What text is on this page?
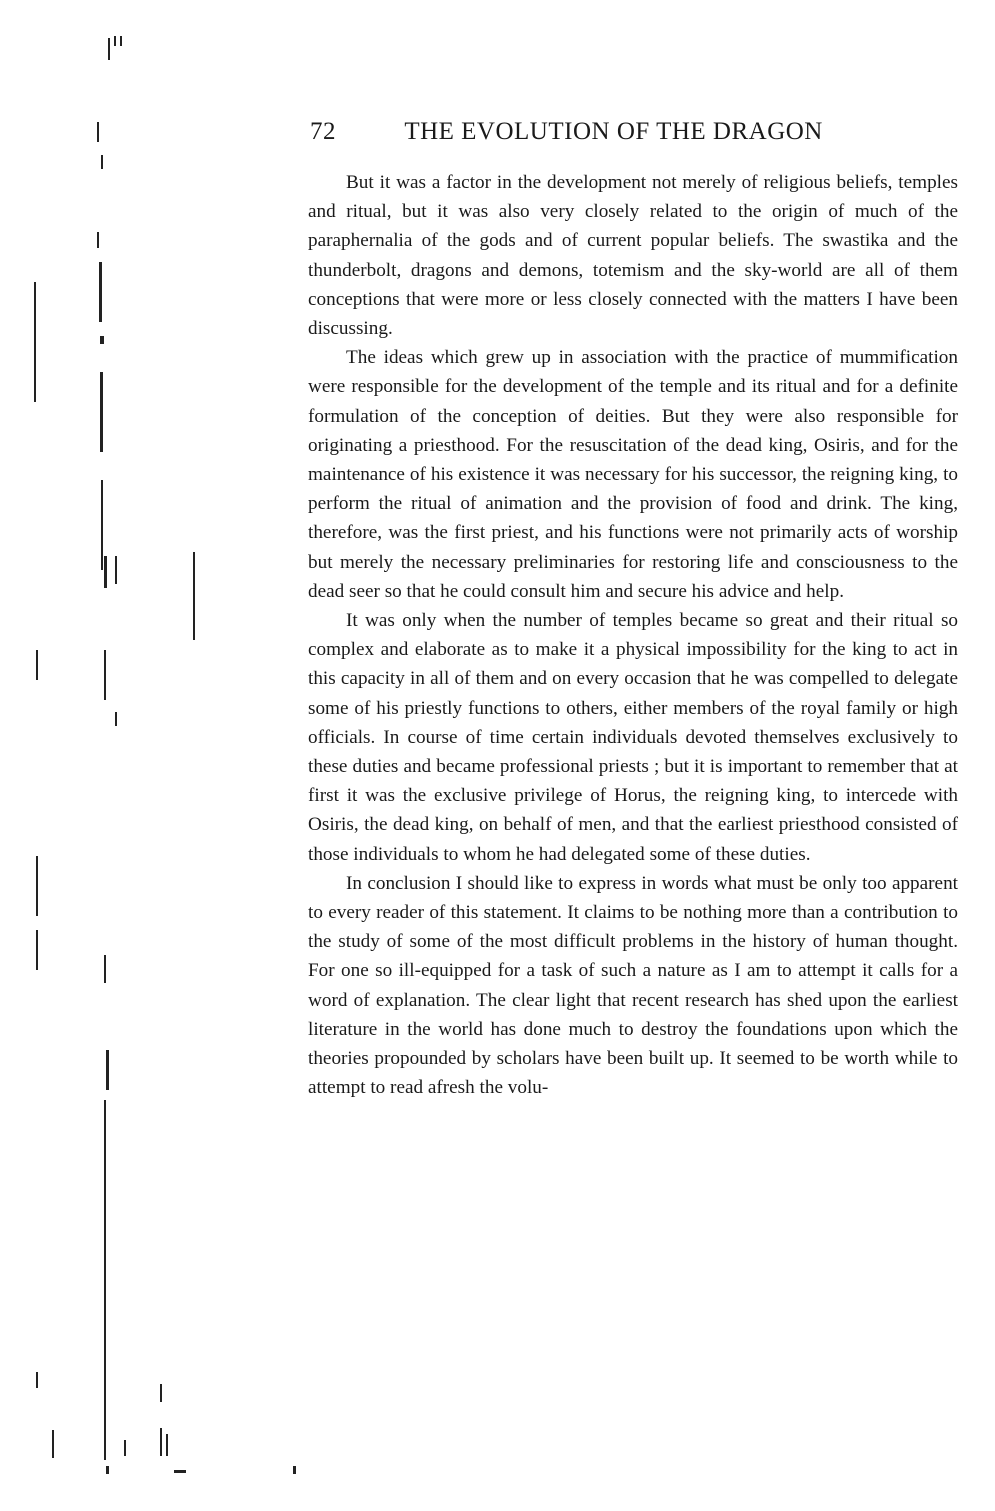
72	THE EVOLUTION OF THE DRAGON

But it was a factor in the development not merely of religious beliefs, temples and ritual, but it was also very closely related to the origin of much of the paraphernalia of the gods and of current popular beliefs. The swastika and the thunderbolt, dragons and demons, totemism and the sky-world are all of them conceptions that were more or less closely connected with the matters I have been discussing.

The ideas which grew up in association with the practice of mummification were responsible for the development of the temple and its ritual and for a definite formulation of the conception of deities. But they were also responsible for originating a priesthood. For the resuscitation of the dead king, Osiris, and for the maintenance of his existence it was necessary for his successor, the reigning king, to perform the ritual of animation and the provision of food and drink. The king, therefore, was the first priest, and his functions were not primarily acts of worship but merely the necessary preliminaries for restoring life and consciousness to the dead seer so that he could consult him and secure his advice and help.

It was only when the number of temples became so great and their ritual so complex and elaborate as to make it a physical impossibility for the king to act in this capacity in all of them and on every occasion that he was compelled to delegate some of his priestly functions to others, either members of the royal family or high officials. In course of time certain individuals devoted themselves exclusively to these duties and became professional priests ; but it is important to remember that at first it was the exclusive privilege of Horus, the reigning king, to intercede with Osiris, the dead king, on behalf of men, and that the earliest priesthood consisted of those individuals to whom he had delegated some of these duties.

In conclusion I should like to express in words what must be only too apparent to every reader of this statement. It claims to be nothing more than a contribution to the study of some of the most difficult problems in the history of human thought. For one so ill-equipped for a task of such a nature as I am to attempt it calls for a word of explanation. The clear light that recent research has shed upon the earliest literature in the world has done much to destroy the foundations upon which the theories propounded by scholars have been built up. It seemed to be worth while to attempt to read afresh the volu-
